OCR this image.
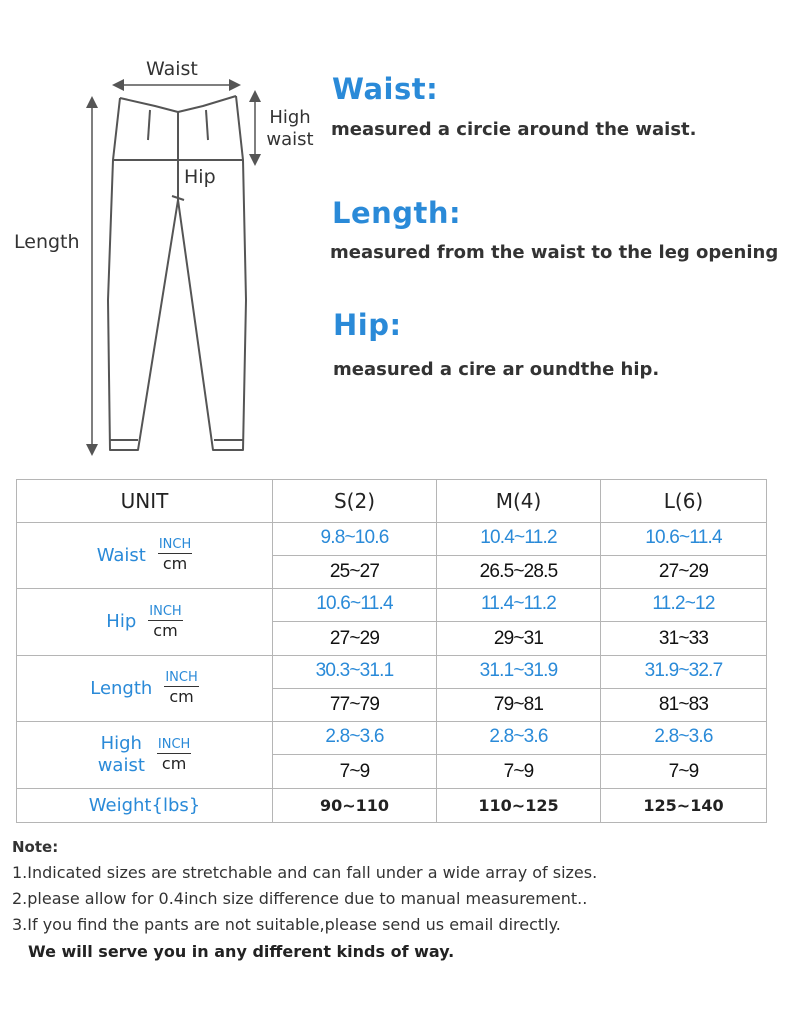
Waist
High
waist
Hip
Length
Waist:
measured a circie around the waist.
Length:
measured from the waist to the leg opening
Hip:
measured a cire ar oundthe hip.
UNIT	S(2)	M(4)	L(6)

Waist
INCH
cm	9.8~10.6	10.4~11.2	10.6~11.4
	25~27	26.5~28.5	27~29

Hip
INCH
cm	10.6~11.4	11.4~11.2	11.2~12
	27~29	29~31	31~33

Length
INCH
cm	30.3~31.1	31.1~31.9	31.9~32.7
	77~79	79~81	81~83

High
waist
INCH
cm	2.8~3.6	2.8~3.6	2.8~3.6
	7~9	7~9	7~9
Weight{lbs}	90~110	110~125	125~140
Note:
1.Indicated sizes are stretchable and can fall under a wide array of sizes.
2.please allow for 0.4inch size difference due to manual measurement..
3.If you find the pants are not suitable,please send us email directly.
We will serve you in any different kinds of way.
